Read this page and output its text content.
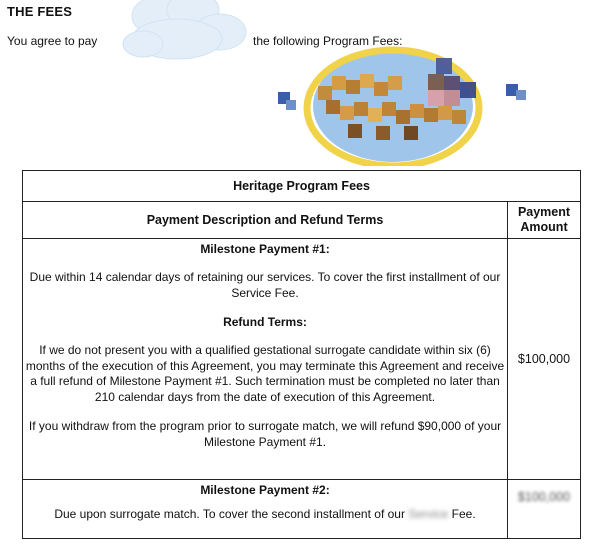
THE FEES
You agree to pay	the following Program Fees:
Heritage Program Fees	
Payment Description and Refund Terms	Payment
Amount

Milestone Payment #1:
Due within 14 calendar days of retaining our services. To cover the first installment of our Service Fee.
Refund Terms:
If we do not present you with a qualified gestational surrogate candidate within six (6) months of the execution of this Agreement, you may terminate this Agreement and receive a full refund of Milestone Payment #1. Such termination must be completed no later than 210 calendar days from the date of execution of this Agreement.
If you withdraw from the program prior to surrogate match, we will refund $90,000 of your Milestone Payment #1.	$100,000

Milestone Payment #2:
Due upon surrogate match. To cover the second installment of our Service Fee.	$100,000
